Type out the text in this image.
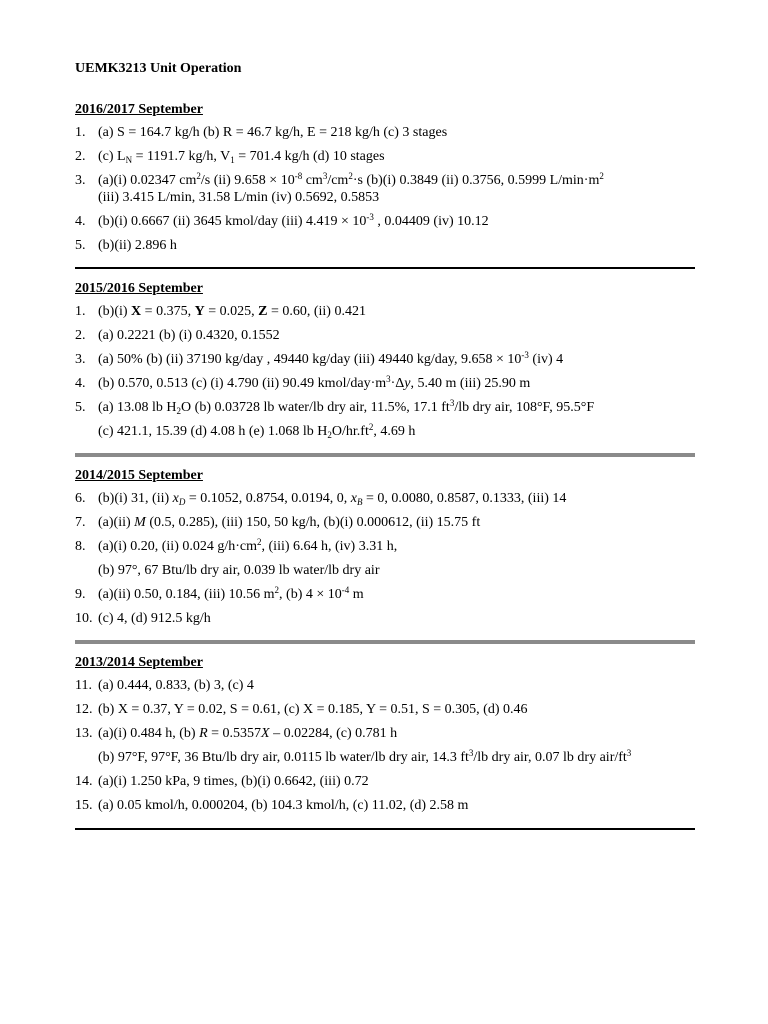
UEMK3213 Unit Operation
2016/2017 September
1. (a) S = 164.7 kg/h (b) R = 46.7 kg/h, E = 218 kg/h (c) 3 stages
2. (c) $L_N = 1191.7$ kg/h, $V_1 = 701.4$ kg/h (d) 10 stages
3. (a)(i) 0.02347 $cm^2/s$ (ii) $9.658 \times 10^{-8}$ $cm^3/cm^2\cdot s$ (b)(i) 0.3849 (ii) 0.3756, 0.5999 $L/\min\cdot m^2$
(iii) 3.415 L/min, 31.58 L/min (iv) 0.5692, 0.5853
4. (b)(i) 0.6667 (ii) 3645 kmol/day (iii) $4.419 \times 10^{-3}$ , 0.04409 (iv) 10.12
5. (b)(ii) 2.896 h
2015/2016 September
1. (b)(i) X = 0.375, Y = 0.025, Z = 0.60, (ii) 0.421
2. (a) 0.2221 (b) (i) 0.4320, 0.1552
3. (a) 50% (b) (ii) 37190 kg/day , 49440 kg/day (iii) 49440 kg/day, $9.658 \times 10^{-3}$ (iv) 4
4. (b) 0.570, 0.513 (c) (i) 4.790 (ii) 90.49 kmol/$day\cdot m^3\cdot\Delta y$, 5.40 m (iii) 25.90 m
5. (a) 13.08 lb $H_2O$ (b) 0.03728 lb water/lb dry air, 11.5%, 17.1 $ft^3/lb$ dry air, 108°F, 95.5°F
(c) 421.1, 15.39 (d) 4.08 h (e) 1.068 lb $H_2O/hr.ft^2$, 4.69 h
2014/2015 September
6. (b)(i) 31, (ii) $x_D = 0.1052$, 0.8754, 0.0194, 0, $x_B = 0$, 0.0080, 0.8587, 0.1333, (iii) 14
7. (a)(ii) M (0.5, 0.285), (iii) 150, 50 kg/h, (b)(i) 0.000612, (ii) 15.75 ft
8. (a)(i) 0.20, (ii) 0.024 $g/h\cdot cm^2$, (iii) 6.64 h, (iv) 3.31 h,
(b) 97°, 67 Btu/lb dry air, 0.039 lb water/lb dry air
9. (a)(ii) 0.50, 0.184, (iii) 10.56 $m^2$, (b) $4 \times 10^{-4}$ m
10. (c) 4, (d) 912.5 kg/h
2013/2014 September
11. (a) 0.444, 0.833, (b) 3, (c) 4
12. (b) X = 0.37, Y = 0.02, S = 0.61, (c) X = 0.185, Y = 0.51, S = 0.305, (d) 0.46
13. (a)(i) 0.484 h, (b) R = 0.5357X – 0.02284, (c) 0.781 h
(b) 97°F, 97°F, 36 Btu/lb dry air, 0.0115 lb water/lb dry air, 14.3 $ft^3/lb$ dry air, 0.07 lb dry air/$ft^3$
14. (a)(i) 1.250 kPa, 9 times, (b)(i) 0.6642, (iii) 0.72
15. (a) 0.05 kmol/h, 0.000204, (b) 104.3 kmol/h, (c) 11.02, (d) 2.58 m
